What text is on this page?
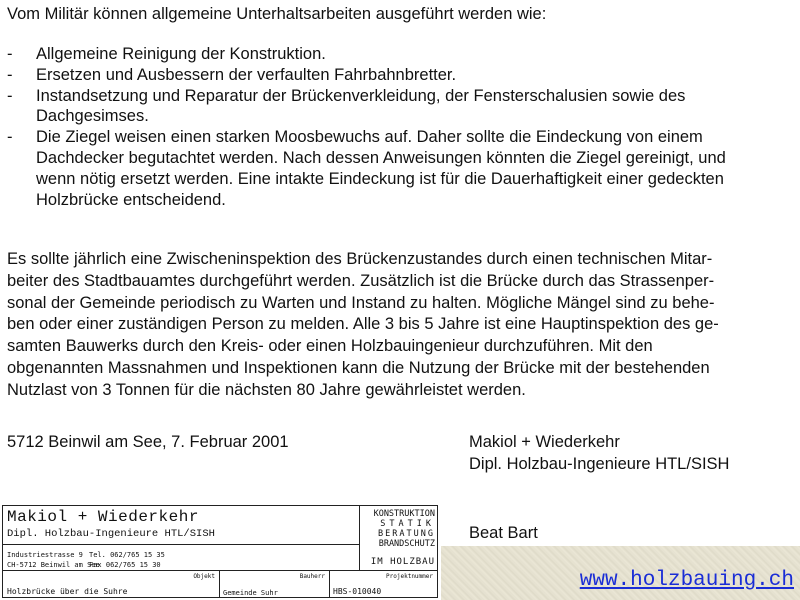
Vom Militär können allgemeine Unterhaltsarbeiten ausgeführt werden wie:
-	Allgemeine Reinigung der Konstruktion.
-	Ersetzen und Ausbessern der verfaulten Fahrbahnbretter.
-	Instandsetzung und Reparatur der Brückenverkleidung, der Fensterschalusien sowie des
Dachgesimses.
-	Die Ziegel weisen einen starken Moosbewuchs auf. Daher sollte die Eindeckung von einem
Dachdecker begutachtet werden. Nach dessen Anweisungen könnten die Ziegel gereinigt, und
wenn nötig ersetzt werden. Eine intakte Eindeckung ist für die Dauerhaftigkeit einer gedeckten
Holzbrücke entscheidend.
Es sollte jährlich eine Zwischeninspektion des Brückenzustandes durch einen technischen Mitar-
beiter des Stadtbauamtes durchgeführt werden. Zusätzlich ist die Brücke durch das Strassenper-
sonal der Gemeinde periodisch zu Warten und Instand zu halten. Mögliche Mängel sind zu behe-
ben oder einer zuständigen Person zu melden. Alle 3 bis 5 Jahre ist eine Hauptinspektion des ge-
samten Bauwerks durch den Kreis- oder einen Holzbauingenieur durchzuführen. Mit den
obgenannten Massnahmen und Inspektionen kann die Nutzung der Brücke mit der bestehenden
Nutzlast von 3 Tonnen für die nächsten 80 Jahre gewährleistet werden.
5712 Beinwil am See, 7. Februar 2001	Makiol + Wiederkehr
Dipl. Holzbau-Ingenieure HTL/SISH
Beat Bart
Makiol + Wiederkehr
Dipl. Holzbau-Ingenieure HTL/SISH
Industriestrasse 9
CH-5712 Beinwil am See
Tel. 062/765 15 35
Fax 062/765 15 30
KONSTRUKTION
STATIK
BERATUNG
BRANDSCHUTZ
IM HOLZBAU
Objekt	Bauherr	Projektnummer
Holzbrücke über die Suhre	Gemeinde Suhr	HBS-010040	www.holzbauing.ch
